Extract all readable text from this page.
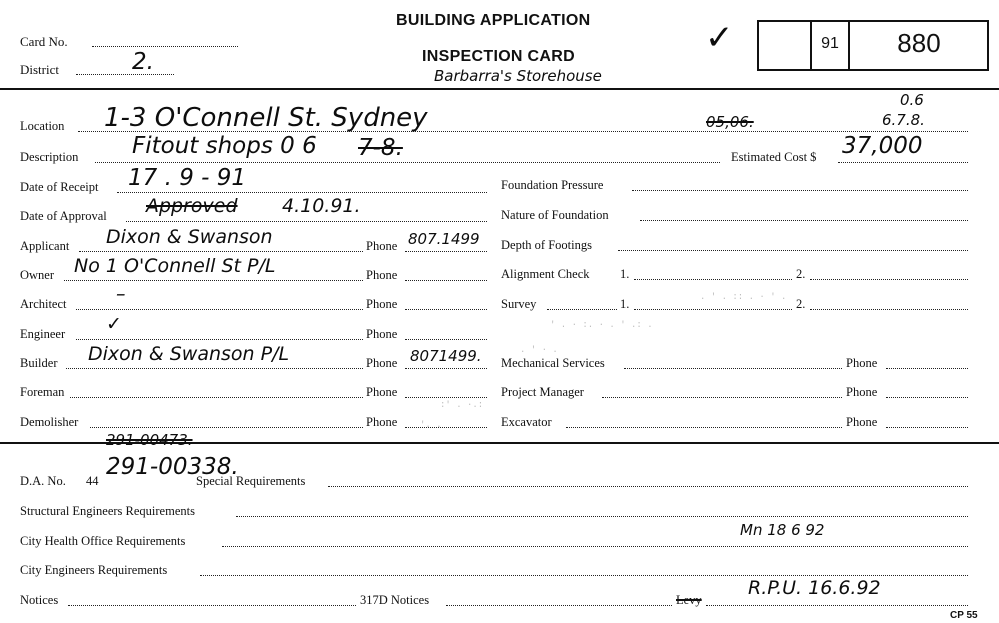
Card No.
District	2.
BUILDING APPLICATION
INSPECTION CARD
Barbarra's Storehouse
✓	91	880
Location 1-3 O'Connell St. Sydney	05,06.
0.6
6.7.8.
Description Fitout shops 0 6 7-8.	Estimated Cost $ 37,000
Date of Receipt 17 . 9 - 91
Date of Approval Approved 4.10.91.
Applicant Dixon & Swanson	Phone 807.1499
Owner No 1 O'Connell St P/L	Phone
Architect	–	Phone
Engineer ✓	Phone
Builder Dixon & Swanson P/L	Phone 8071499.
Foreman	Phone
Demolisher	Phone
Foundation Pressure
Nature of Foundation
Depth of Footings
Alignment Check 1.	2.
Survey	1.	2.
Mechanical Services	Phone
Project Manager	Phone
Excavator	Phone
. ' . :: . · ' .
' . · :. · . ' .: .
. ' · .
:' . ·.:
'. .
291-00473.
D.A. No. 44
291-00338.
Special Requirements
Structural Engineers Requirements
City Health Office Requirements
Mn 18 6 92
City Engineers Requirements
Notices	317D Notices	Levy
R.P.U. 16.6.92
CP 55
